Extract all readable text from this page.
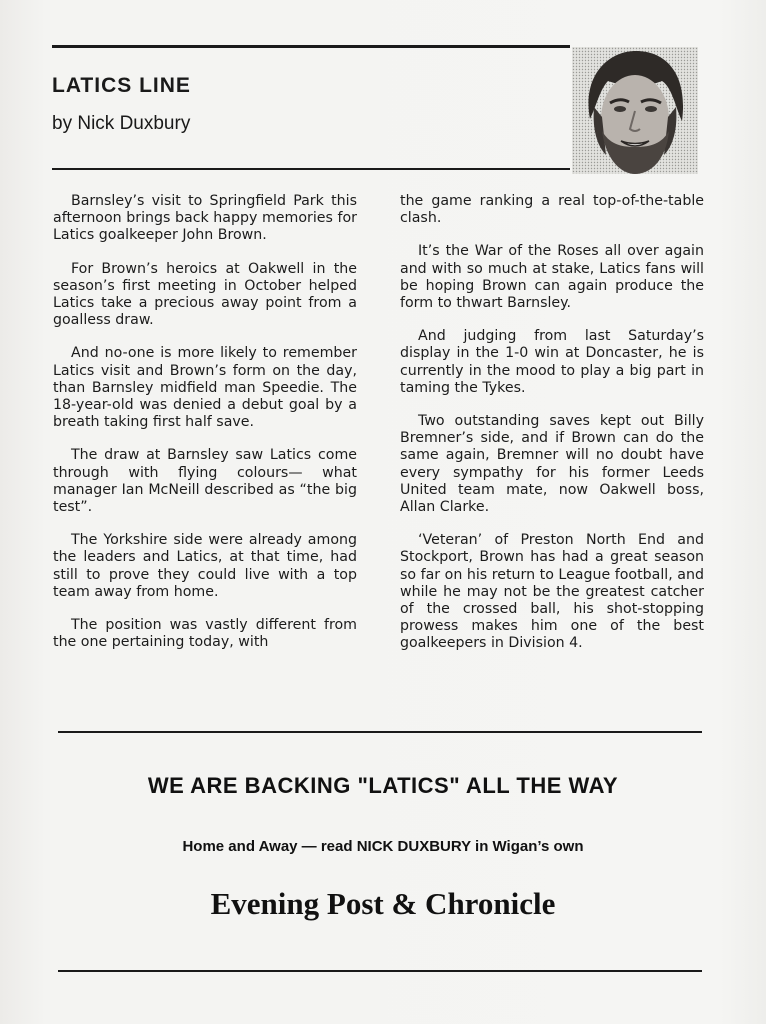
LATICS LINE
by Nick Duxbury

Barnsley’s visit to Springfield Park this afternoon brings back happy memories for Latics goalkeeper John Brown.

For Brown’s heroics at Oakwell in the season’s first meeting in October helped Latics take a precious away point from a goalless draw.

And no-one is more likely to remember Latics visit and Brown’s form on the day, than Barnsley midfield man Speedie. The 18-year-old was denied a debut goal by a breath taking first half save.

The draw at Barnsley saw Latics come through with flying colours— what manager Ian McNeill described as “the big test”.

The Yorkshire side were already among the leaders and Latics, at that time, had still to prove they could live with a top team away from home.

The position was vastly different from the one pertaining today, with

the game ranking a real top-of-the-table clash.

It’s the War of the Roses all over again and with so much at stake, Latics fans will be hoping Brown can again produce the form to thwart Barnsley.

And judging from last Saturday’s display in the 1-0 win at Doncaster, he is currently in the mood to play a big part in taming the Tykes.

Two outstanding saves kept out Billy Bremner’s side, and if Brown can do the same again, Bremner will no doubt have every sympathy for his former Leeds United team mate, now Oakwell boss, Allan Clarke.

‘Veteran’ of Preston North End and Stockport, Brown has had a great season so far on his return to League football, and while he may not be the greatest catcher of the crossed ball, his shot-stopping prowess makes him one of the best goalkeepers in Division 4.

WE ARE BACKING "LATICS" ALL THE WAY
Home and Away — read NICK DUXBURY in Wigan’s own
Evening Post & Chronicle
